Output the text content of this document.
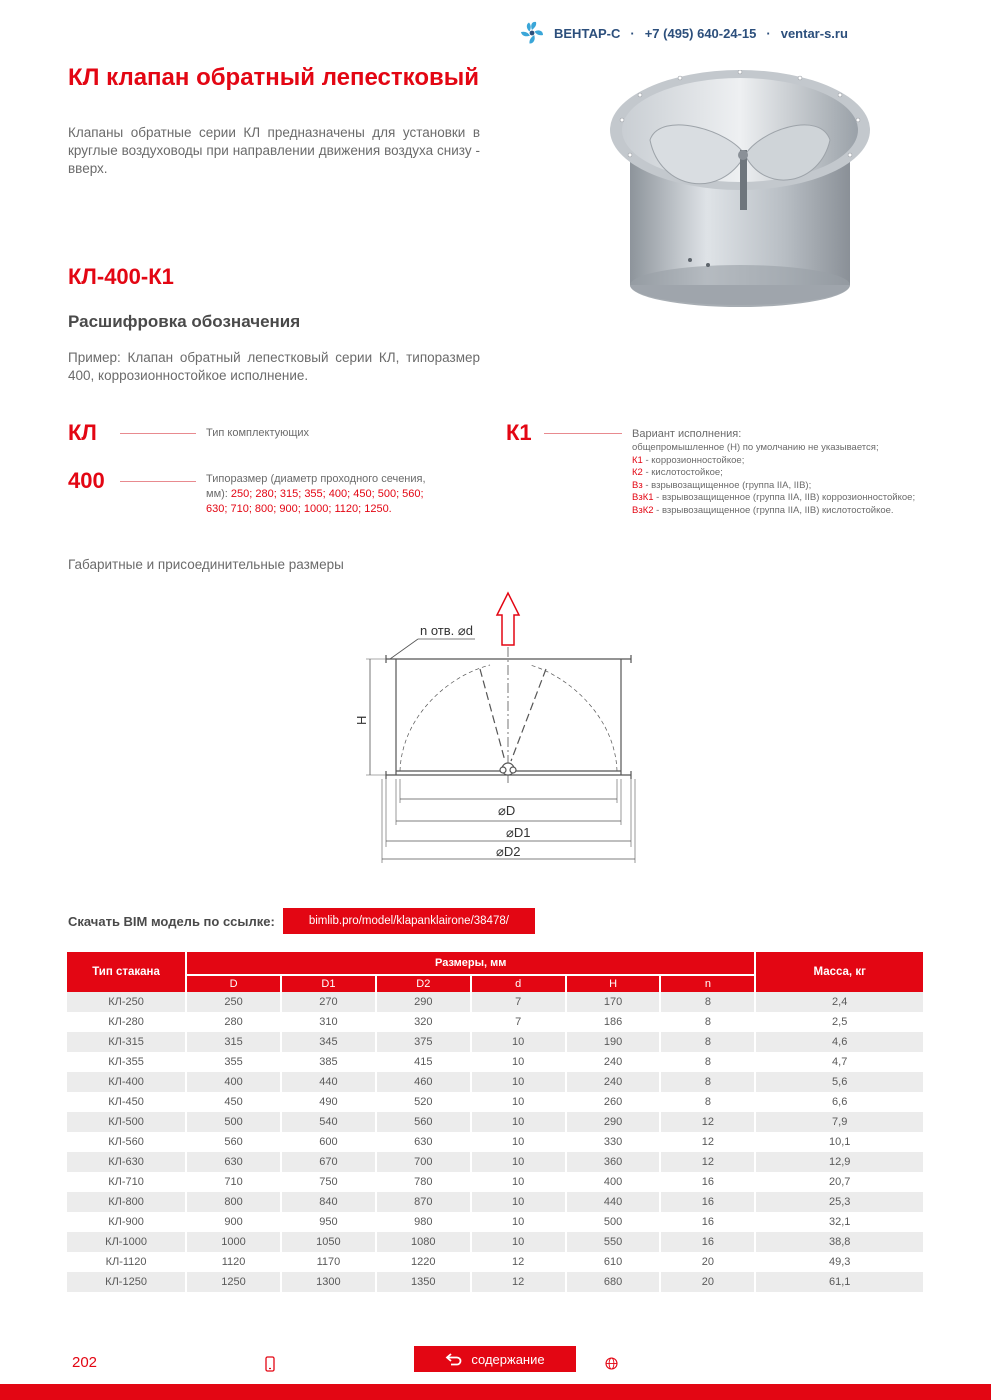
ВЕНТАР-С · +7 (495) 640-24-15 · ventar-s.ru
КЛ клапан обратный лепестковый

Клапаны обратные серии КЛ предназначены для установки в круглые воздуховоды при направлении движения воздуха снизу - вверх.

КЛ-400-К1
Расшифровка обозначения

Пример: Клапан обратный лепестковый серии КЛ, типоразмер 400, коррозионностойкое исполнение.

КЛ	Тип комплектующих
400	Типоразмер (диаметр проходного сечения, мм): 250; 280; 315; 355; 400; 450; 500; 560; 630; 710; 800; 900; 1000; 1120; 1250.
К1	Вариант исполнения:
общепромышленное (Н) по умолчанию не указывается;
К1 - коррозионностойкое;
К2 - кислотостойкое;
Вз - взрывозащищенное (группа IIA, IIB);
ВзК1 - взрывозащищенное (группа IIA, IIB) коррозионностойкое;
ВзК2 - взрывозащищенное (группа IIA, IIB) кислотостойкое.
Габаритные и присоединительные размеры
n отв. ⌀d
H
⌀D
⌀D1
⌀D2
Скачать BIM модель по ссылке:	bimlib.pro/model/klapanklairone/38478/
Тип стакана	Размеры, мм						Масса, кг
	D	D1	D2	d	H	n	
КЛ-250	250	270	290	7	170	8	2,4
КЛ-280	280	310	320	7	186	8	2,5
КЛ-315	315	345	375	10	190	8	4,6
КЛ-355	355	385	415	10	240	8	4,7
КЛ-400	400	440	460	10	240	8	5,6
КЛ-450	450	490	520	10	260	8	6,6
КЛ-500	500	540	560	10	290	12	7,9
КЛ-560	560	600	630	10	330	12	10,1
КЛ-630	630	670	700	10	360	12	12,9
КЛ-710	710	750	780	10	400	16	20,7
КЛ-800	800	840	870	10	440	16	25,3
КЛ-900	900	950	980	10	500	16	32,1
КЛ-1000	1000	1050	1080	10	550	16	38,8
КЛ-1120	1120	1170	1220	12	610	20	49,3
КЛ-1250	1250	1300	1350	12	680	20	61,1
202	содержание
